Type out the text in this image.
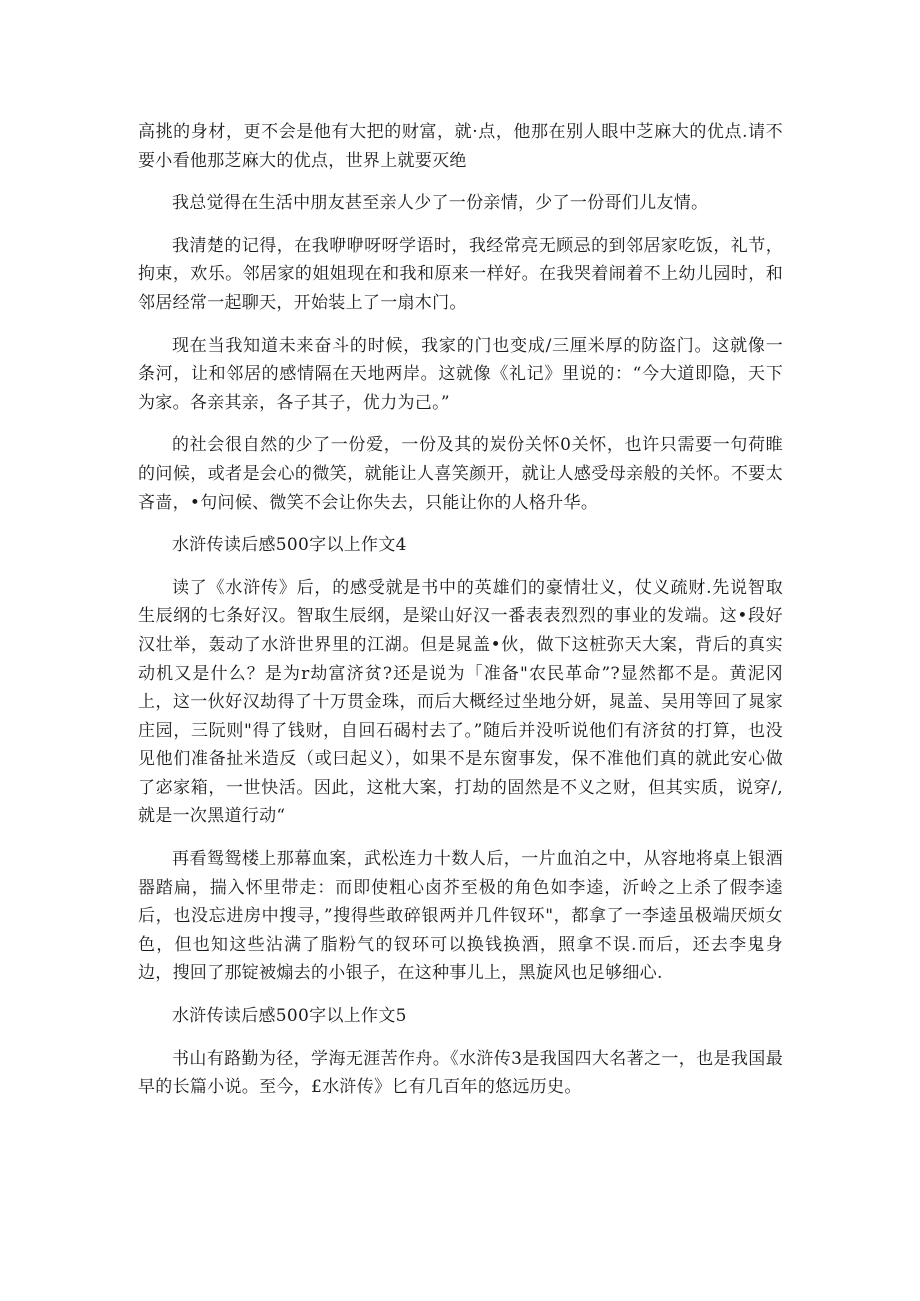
高挑的身材，更不会是他有大把的财富，就·点，他那在别人眼中芝麻大的优点.请不要小看他那芝麻大的优点，世界上就要灭绝

我总觉得在生活中朋友甚至亲人少了一份亲情，少了一份哥们儿友情。

我清楚的记得，在我咿咿呀呀学语时，我经常亮无顾忌的到邻居家吃饭，礼节，拘束，欢乐。邻居家的姐姐现在和我和原来一样好。在我哭着闹着不上幼儿园时，和邻居经常一起聊天，开始装上了一扇木门。

现在当我知道未来奋斗的时候，我家的门也变成/三厘米厚的防盗门。这就像一条河，让和邻居的感情隔在天地两岸。这就像《礼记》里说的：“今大道即隐，天下为家。各亲其亲，各子其子，优力为己。”

的社会很自然的少了一份爱，一份及其的炭份关怀0关怀，也许只需要一句荷睢的问候，或者是会心的微笑，就能让人喜笑颜开，就让人感受母亲般的关怀。不要太吝啬，•句问候、微笑不会让你失去，只能让你的人格升华。

水浒传读后感500字以上作文4

读了《水浒传》后，的感受就是书中的英雄们的豪情壮义，仗义疏财.先说智取生辰纲的七条好汉。智取生辰纲，是梁山好汉一番表表烈烈的事业的发端。这•段好汉壮举，轰动了水浒世界里的江湖。但是晁盖•伙，做下这桩弥天大案，背后的真实动机又是什么？是为r劫富济贫?还是说为「准备"农民革命”?显然都不是。黄泥冈上，这一伙好汉劫得了十万贯金珠，而后大概经过坐地分妍，晁盖、吴用等回了晁家庄园，三阮则"得了钱财，自回石碣村去了。”随后并没听说他们有济贫的打算，也没见他们准备扯米造反（或曰起义），如果不是东窗事发，保不准他们真的就此安心做了宓家箱，一世快活。因此，这枇大案，打劫的固然是不义之财，但其实质，说穿/,就是一次黑道行动“

再看鸳鸳楼上那幕血案，武松连力十数人后，一片血泊之中，从容地将桌上银酒器踏扁，揣入怀里带走：而即使粗心卤芥至极的角色如李逵，沂岭之上杀了假李逵后，也没忘进房中搜寻，”搜得些敢碎银两并几件钗环"，都拿了一李逵虽极端厌烦女色，但也知这些沾满了脂粉气的钗环可以换钱换酒，照拿不误.而后，还去李鬼身边，搜回了那锭被煽去的小银子，在这种事儿上，黑旋风也足够细心.

水浒传读后感500字以上作文5

书山有路勤为径，学海无涯苦作舟。《水浒传3是我国四大名著之一，也是我国最早的长篇小说。至今，£水浒传》匕有几百年的悠远历史。
